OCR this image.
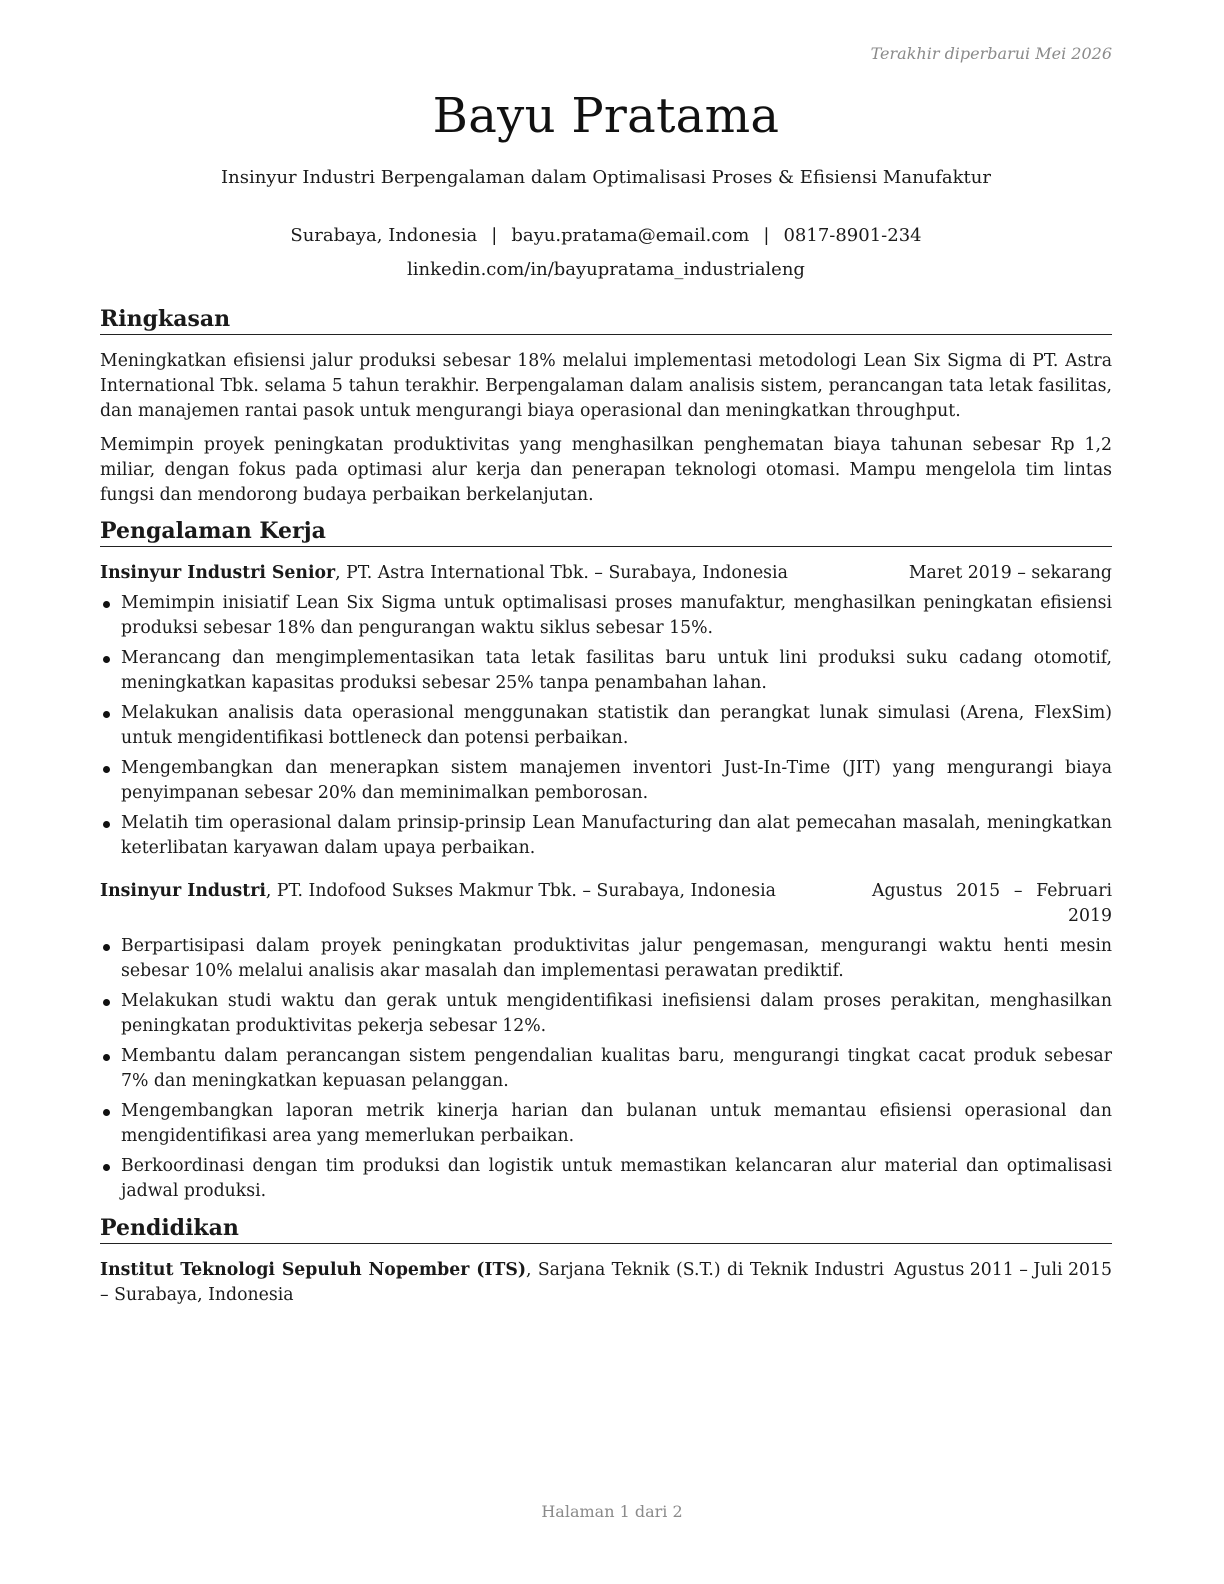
Terakhir diperbarui Mei 2026
Bayu Pratama
Insinyur Industri Berpengalaman dalam Optimalisasi Proses & Efisiensi Manufaktur
Surabaya, Indonesia | bayu.pratama@email.com | 0817-8901-234
linkedin.com/in/bayupratama_industrialeng
Ringkasan

Meningkatkan efisiensi jalur produksi sebesar 18% melalui implementasi metodologi Lean Six Sigma di PT. Astra International Tbk. selama 5 tahun terakhir. Berpengalaman dalam analisis sistem, perancangan tata letak fasilitas, dan manajemen rantai pasok untuk mengurangi biaya operasional dan meningkatkan throughput.

Memimpin proyek peningkatan produktivitas yang menghasilkan penghematan biaya tahunan sebesar Rp 1,2 miliar, dengan fokus pada optimasi alur kerja dan penerapan teknologi otomasi. Mampu mengelola tim lintas fungsi dan mendorong budaya perbaikan berkelanjutan.

Pengalaman Kerja
Insinyur Industri Senior, PT. Astra International Tbk. – Surabaya, Indonesia	Maret 2019 – sekarang
Memimpin inisiatif Lean Six Sigma untuk optimalisasi proses manufaktur, menghasilkan peningkatan efisiensi produksi sebesar 18% dan pengurangan waktu siklus sebesar 15%.
Merancang dan mengimplementasikan tata letak fasilitas baru untuk lini produksi suku cadang otomotif, meningkatkan kapasitas produksi sebesar 25% tanpa penambahan lahan.
Melakukan analisis data operasional menggunakan statistik dan perangkat lunak simulasi (Arena, FlexSim) untuk mengidentifikasi bottleneck dan potensi perbaikan.
Mengembangkan dan menerapkan sistem manajemen inventori Just-In-Time (JIT) yang mengurangi biaya penyimpanan sebesar 20% dan meminimalkan pemborosan.
Melatih tim operasional dalam prinsip-prinsip Lean Manufacturing dan alat pemecahan masalah, meningkatkan keterlibatan karyawan dalam upaya perbaikan.
Insinyur Industri, PT. Indofood Sukses Makmur Tbk. – Surabaya, Indonesia	Agustus 2015 – Februari 2019
Berpartisipasi dalam proyek peningkatan produktivitas jalur pengemasan, mengurangi waktu henti mesin sebesar 10% melalui analisis akar masalah dan implementasi perawatan prediktif.
Melakukan studi waktu dan gerak untuk mengidentifikasi inefisiensi dalam proses perakitan, menghasilkan peningkatan produktivitas pekerja sebesar 12%.
Membantu dalam perancangan sistem pengendalian kualitas baru, mengurangi tingkat cacat produk sebesar 7% dan meningkatkan kepuasan pelanggan.
Mengembangkan laporan metrik kinerja harian dan bulanan untuk memantau efisiensi operasional dan mengidentifikasi area yang memerlukan perbaikan.
Berkoordinasi dengan tim produksi dan logistik untuk memastikan kelancaran alur material dan optimalisasi jadwal produksi.
Pendidikan
Institut Teknologi Sepuluh Nopember (ITS), Sarjana Teknik (S.T.) di Teknik Industri – Surabaya, Indonesia
Agustus 2011 – Juli 2015
Halaman 1 dari 2
